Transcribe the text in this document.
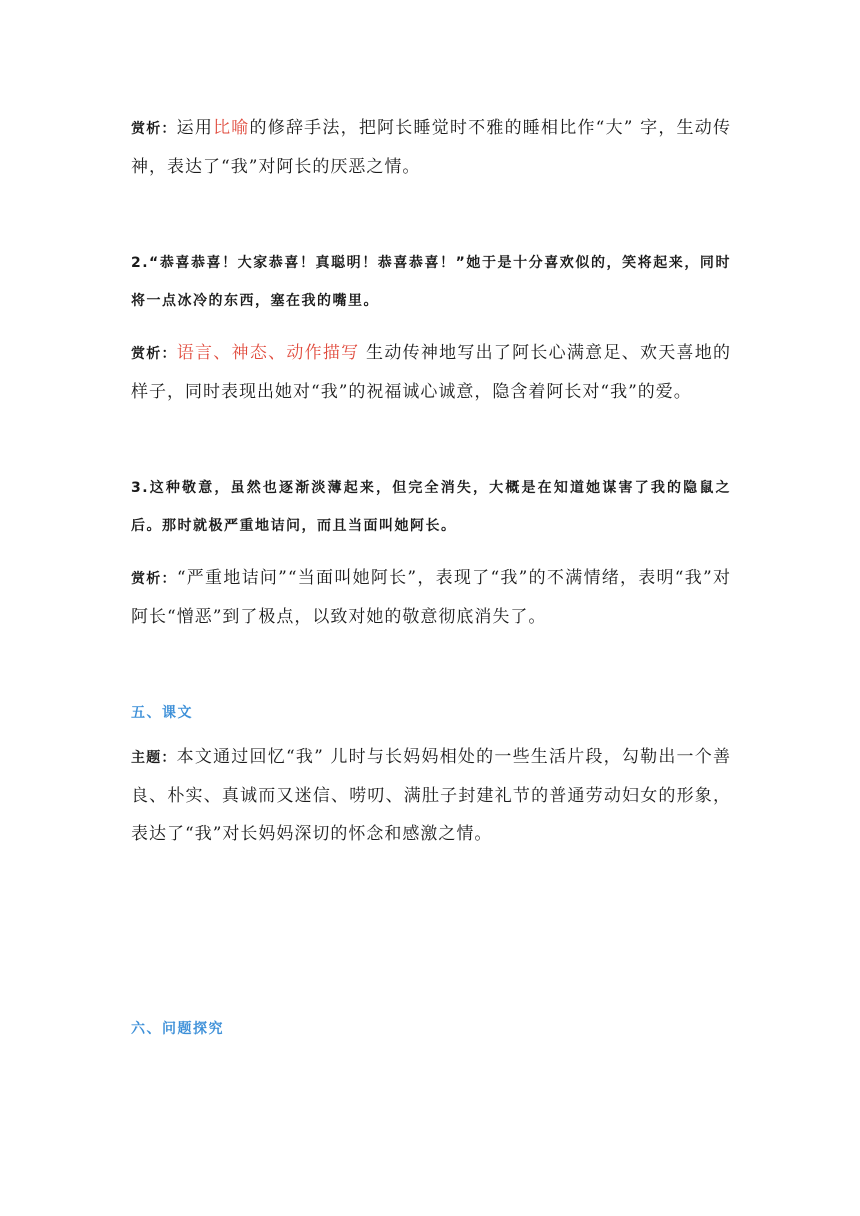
赏析：运用比喻的修辞手法，把阿长睡觉时不雅的睡相比作“大” 字，生动传神，表达了“我”对阿长的厌恶之情。

2.“恭喜恭喜！大家恭喜！真聪明！恭喜恭喜！”她于是十分喜欢似的，笑将起来，同时将一点冰冷的东西，塞在我的嘴里。

赏析：语言、神态、动作描写 生动传神地写出了阿长心满意足、欢天喜地的样子，同时表现出她对“我”的祝福诚心诚意，隐含着阿长对“我”的爱。

3.这种敬意，虽然也逐渐淡薄起来，但完全消失，大概是在知道她谋害了我的隐鼠之后。那时就极严重地诘问，而且当面叫她阿长。

赏析：“严重地诘问”“当面叫她阿长”，表现了“我”的不满情绪，表明“我”对阿长“憎恶”到了极点，以致对她的敬意彻底消失了。

五、课文

主题：本文通过回忆“我” 儿时与长妈妈相处的一些生活片段，勾勒出一个善良、朴实、真诚而又迷信、唠叨、满肚子封建礼节的普通劳动妇女的形象，表达了“我”对长妈妈深切的怀念和感激之情。

六、问题探究
